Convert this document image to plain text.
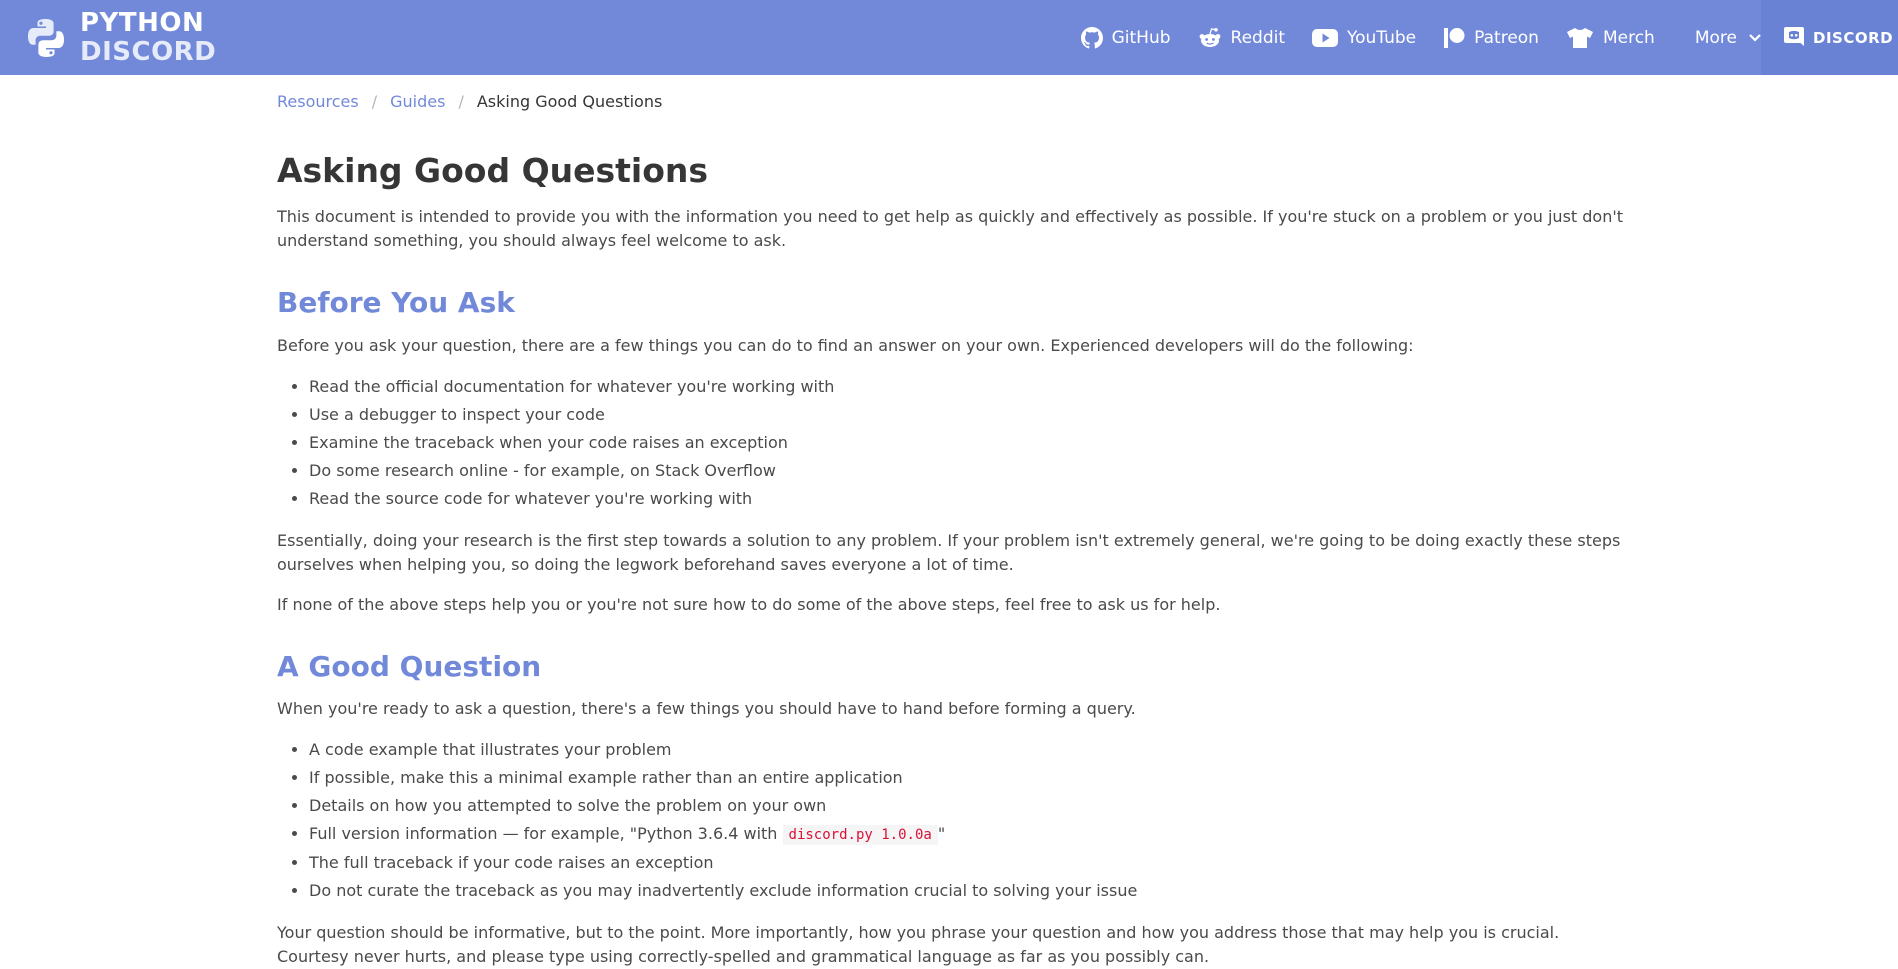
PYTHON
DISCORD	GitHub	Reddit	YouTube	Patreon	Merch More	DISCORD
Resources / Guides / Asking Good Questions
Asking Good Questions

This document is intended to provide you with the information you need to get help as quickly and effectively as possible. If you're stuck on a problem or you just don't understand something, you should always feel welcome to ask.

Before You Ask

Before you ask your question, there are a few things you can do to find an answer on your own. Experienced developers will do the following:

• Read the official documentation for whatever you're working with
• Use a debugger to inspect your code
• Examine the traceback when your code raises an exception
• Do some research online - for example, on Stack Overflow
• Read the source code for whatever you're working with

Essentially, doing your research is the first step towards a solution to any problem. If your problem isn't extremely general, we're going to be doing exactly these steps ourselves when helping you, so doing the legwork beforehand saves everyone a lot of time.

If none of the above steps help you or you're not sure how to do some of the above steps, feel free to ask us for help.

A Good Question

When you're ready to ask a question, there's a few things you should have to hand before forming a query.

• A code example that illustrates your problem
• If possible, make this a minimal example rather than an entire application
• Details on how you attempted to solve the problem on your own
• Full version information — for example, "Python 3.6.4 with discord.py 1.0.0a "
• The full traceback if your code raises an exception
• Do not curate the traceback as you may inadvertently exclude information crucial to solving your issue

Your question should be informative, but to the point. More importantly, how you phrase your question and how you address those that may help you is crucial. Courtesy never hurts, and please type using correctly-spelled and grammatical language as far as you possibly can.
